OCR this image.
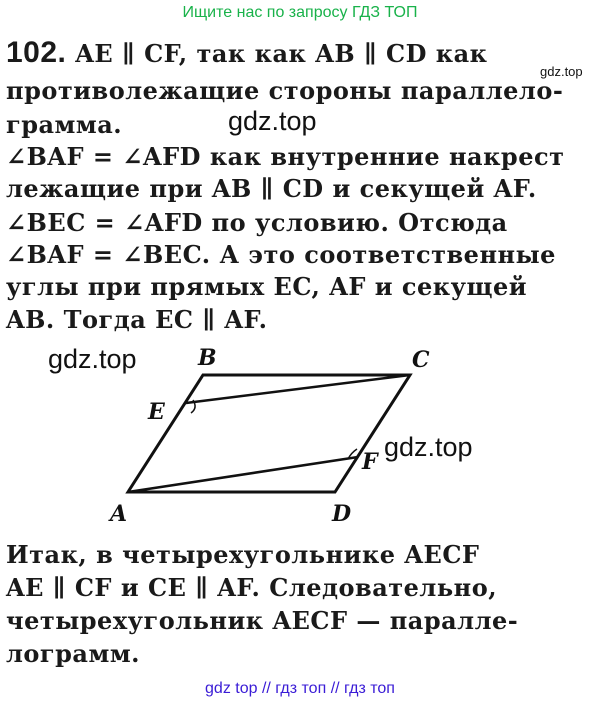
Ищите нас по запросу ГДЗ ТОП
gdz.top
gdz.top
gdz.top
gdz.top
102. AE ∥ CF, так как AB ∥ CD как
противолежащие стороны параллело-
грамма.
∠BAF = ∠AFD как внутренние накрест
лежащие при AB ∥ CD и секущей AF.
∠BEC = ∠AFD по условию. Отсюда
∠BAF = ∠BEC. А это соответственные
углы при прямых EC, AF и секущей
AB. Тогда EC ∥ AF.
B	C
E
F
A	D
Итак, в четырехугольнике AECF
AE ∥ CF и CE ∥ AF. Следовательно,
четырехугольник AECF — паралле-
лограмм.
gdz top // гдз топ // гдз топ
